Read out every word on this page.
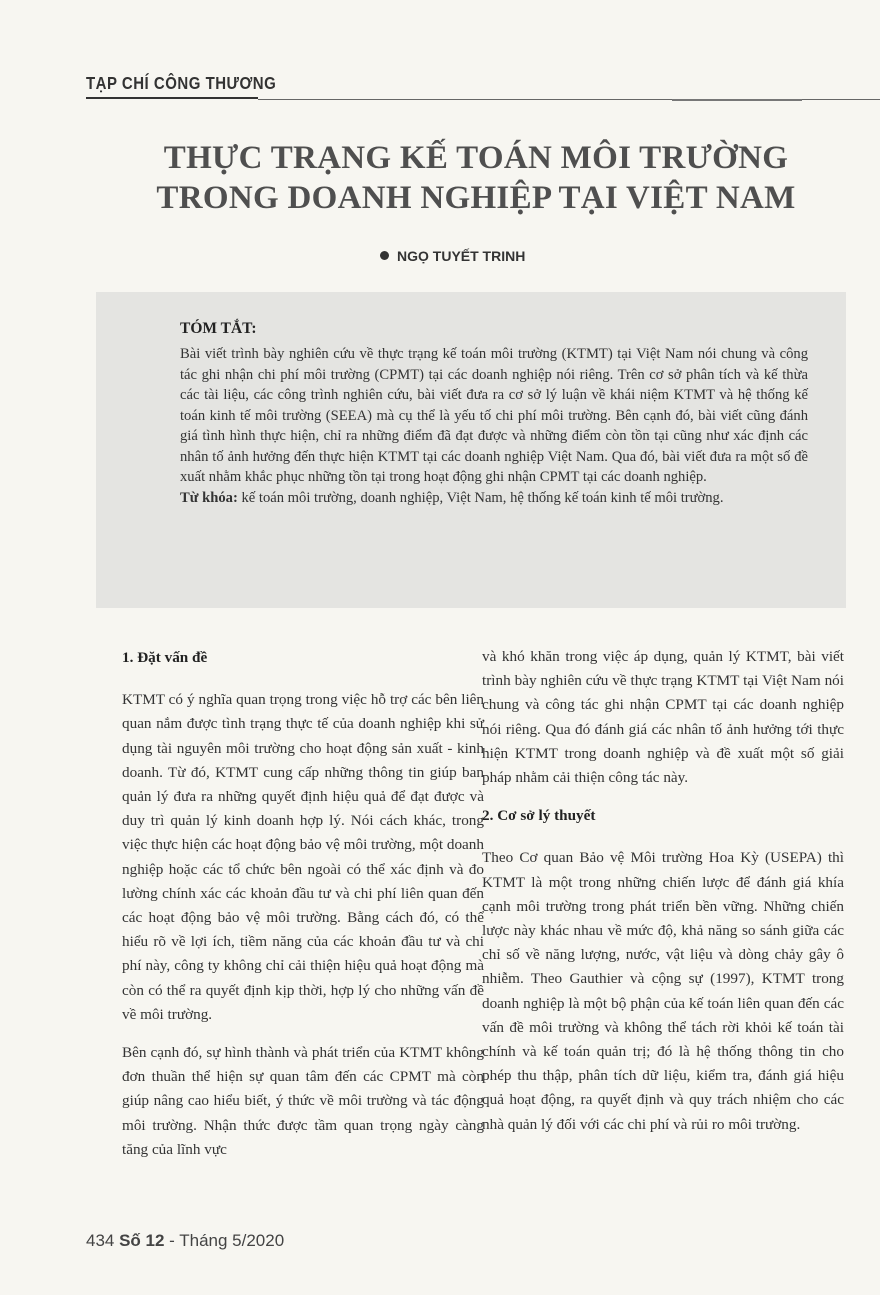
TẠP CHÍ CÔNG THƯƠNG
THỰC TRẠNG KẾ TOÁN MÔI TRƯỜNG
TRONG DOANH NGHIỆP TẠI VIỆT NAM
NGỌ TUYẾT TRINH
TÓM TẮT:
Bài viết trình bày nghiên cứu về thực trạng kế toán môi trường (KTMT) tại Việt Nam nói chung và công tác ghi nhận chi phí môi trường (CPMT) tại các doanh nghiệp nói riêng. Trên cơ sở phân tích và kế thừa các tài liệu, các công trình nghiên cứu, bài viết đưa ra cơ sở lý luận về khái niệm KTMT và hệ thống kế toán kinh tế môi trường (SEEA) mà cụ thể là yếu tố chi phí môi trường. Bên cạnh đó, bài viết cũng đánh giá tình hình thực hiện, chỉ ra những điểm đã đạt được và những điểm còn tồn tại cũng như xác định các nhân tố ảnh hưởng đến thực hiện KTMT tại các doanh nghiệp Việt Nam. Qua đó, bài viết đưa ra một số đề xuất nhằm khắc phục những tồn tại trong hoạt động ghi nhận CPMT tại các doanh nghiệp.
Từ khóa: kế toán môi trường, doanh nghiệp, Việt Nam, hệ thống kế toán kinh tế môi trường.
1. Đặt vấn đề
KTMT có ý nghĩa quan trọng trong việc hỗ trợ các bên liên quan nắm được tình trạng thực tế của doanh nghiệp khi sử dụng tài nguyên môi trường cho hoạt động sản xuất - kinh doanh. Từ đó, KTMT cung cấp những thông tin giúp ban quản lý đưa ra những quyết định hiệu quả để đạt được và duy trì quản lý kinh doanh hợp lý. Nói cách khác, trong việc thực hiện các hoạt động bảo vệ môi trường, một doanh nghiệp hoặc các tổ chức bên ngoài có thể xác định và đo lường chính xác các khoản đầu tư và chi phí liên quan đến các hoạt động bảo vệ môi trường. Bằng cách đó, có thể hiểu rõ về lợi ích, tiềm năng của các khoản đầu tư và chi phí này, công ty không chỉ cải thiện hiệu quả hoạt động mà còn có thể ra quyết định kịp thời, hợp lý cho những vấn đề về môi trường.
Bên cạnh đó, sự hình thành và phát triển của KTMT không đơn thuần thể hiện sự quan tâm đến các CPMT mà còn giúp nâng cao hiểu biết, ý thức về môi trường và tác động môi trường. Nhận thức được tầm quan trọng ngày càng tăng của lĩnh vực
và khó khăn trong việc áp dụng, quản lý KTMT, bài viết trình bày nghiên cứu về thực trạng KTMT tại Việt Nam nói chung và công tác ghi nhận CPMT tại các doanh nghiệp nói riêng. Qua đó đánh giá các nhân tố ảnh hưởng tới thực hiện KTMT trong doanh nghiệp và đề xuất một số giải pháp nhằm cải thiện công tác này.
2. Cơ sở lý thuyết
Theo Cơ quan Bảo vệ Môi trường Hoa Kỳ (USEPA) thì KTMT là một trong những chiến lược để đánh giá khía cạnh môi trường trong phát triển bền vững. Những chiến lược này khác nhau về mức độ, khả năng so sánh giữa các chỉ số về năng lượng, nước, vật liệu và dòng chảy gây ô nhiễm. Theo Gauthier và cộng sự (1997), KTMT trong doanh nghiệp là một bộ phận của kế toán liên quan đến các vấn đề môi trường và không thể tách rời khỏi kế toán tài chính và kế toán quản trị; đó là hệ thống thông tin cho phép thu thập, phân tích dữ liệu, kiểm tra, đánh giá hiệu quả hoạt động, ra quyết định và quy trách nhiệm cho các nhà quản lý đối với các chi phí và rủi ro môi trường.
434 Số 12 - Tháng 5/2020
